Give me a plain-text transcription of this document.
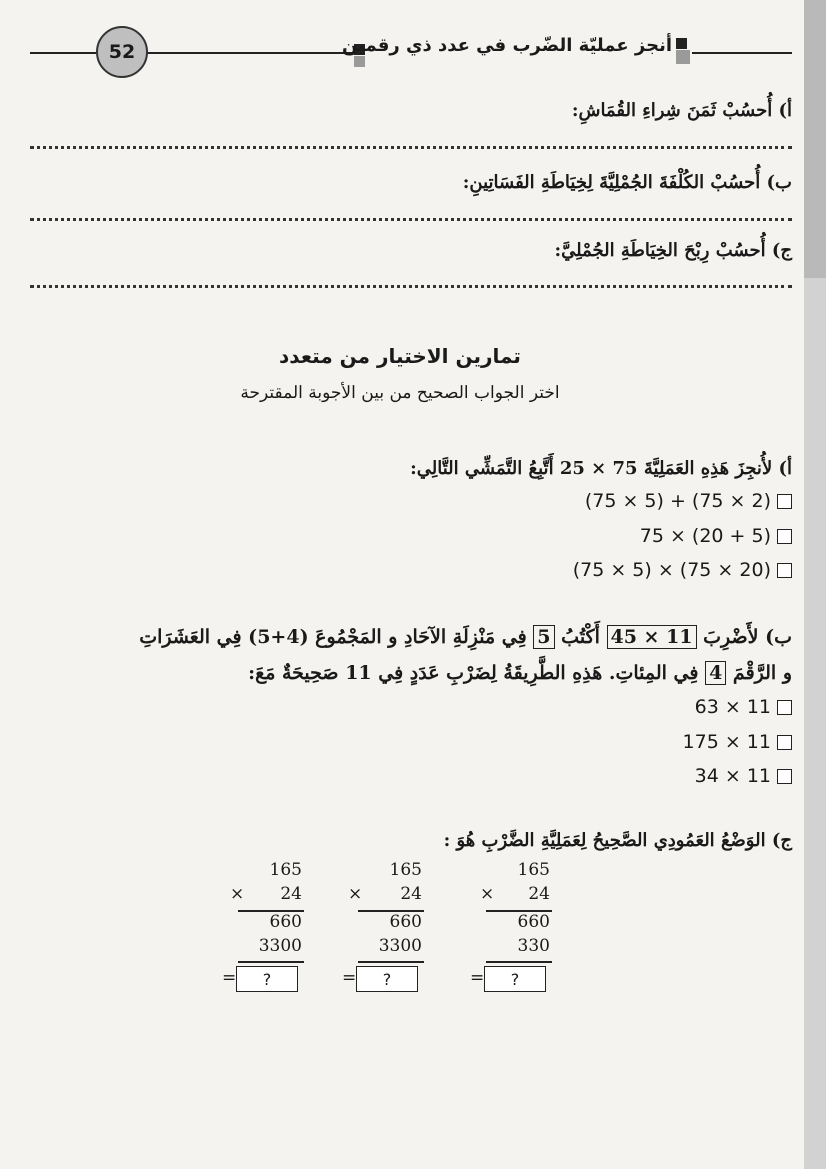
52	أنجز عمليّة الضّرب في عدد ذي رقمين
أ) أُحسُبْ ثَمَنَ شِراءِ القُمَاشِ:
ب) أُحسُبْ الكُلْفَةَ الجُمْلِيَّةَ لِخِيَاطَةِ الفَسَاتِينِ:
ج) أُحسُبْ رِبْحَ الخِيَاطَةِ الجُمْلِيَّ:
تمارين الاختيار من متعدد
اختر الجواب الصحيح من بين الأجوبة المقترحة
أ) لأُنجِزَ هَذِهِ العَمَلِيَّةَ 75 × 25 أَتَّبِعُ التَّمَشِّي التَّالِي:
(75 × 5) + (75 × 2)
75 × (20 + 5)
(75 × 5) × (75 × 20)
ب) لأَضْرِبَ 45 × 11 أَكْتُبُ 5 فِي مَنْزِلَةِ الآحَادِ و المَجْمُوعَ (4+5) فِي العَشَرَاتِ
و الرَّقْمَ 4 فِي المِئاتِ. هَذِهِ الطَّرِيقَةُ لِضَرْبِ عَدَدٍ فِي 11 صَحِيحَةٌ مَعَ:
63 × 11
175 × 11
34 × 11
ج) الوَضْعُ العَمُودِي الصَّحِيحُ لِعَمَلِيَّةِ الضَّرْبِ هُوَ :
165
×	24
660
330
=	?
165
×	24
660
3300
=	?
165
×	24
660
3300
=	?
